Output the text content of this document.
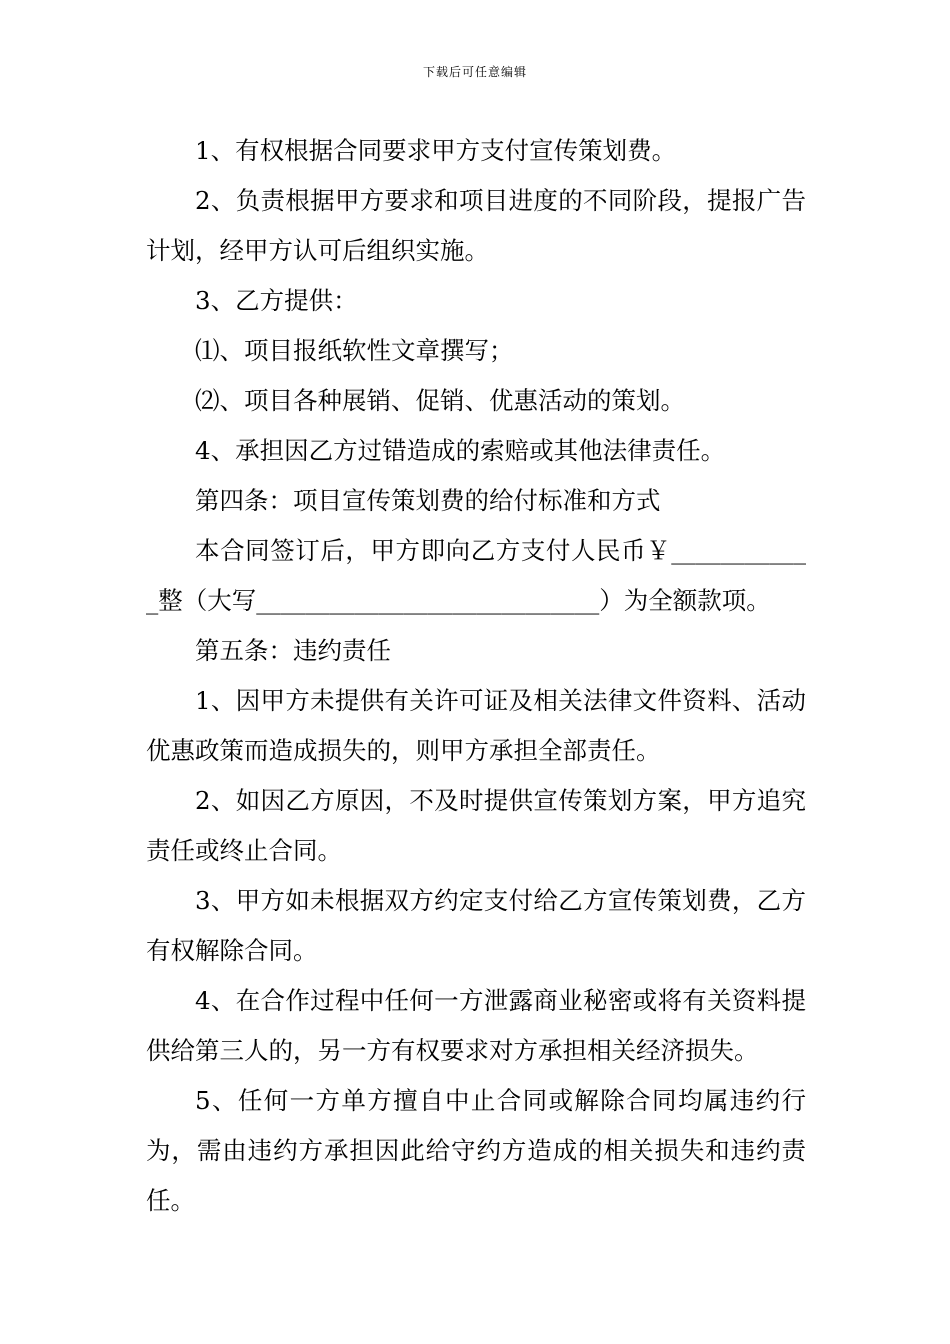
下载后可任意编辑

1、有权根据合同要求甲方支付宣传策划费。

2、负责根据甲方要求和项目进度的不同阶段，提报广告计划，经甲方认可后组织实施。

3、乙方提供：

⑴、项目报纸软性文章撰写；

⑵、项目各种展销、促销、优惠活动的策划。

4、承担因乙方过错造成的索赔或其他法律责任。

第四条：项目宣传策划费的给付标准和方式

本合同签订后，甲方即向乙方支付人民币￥____________整（大写____________________________）为全额款项。

第五条：违约责任

1、因甲方未提供有关许可证及相关法律文件资料、活动优惠政策而造成损失的，则甲方承担全部责任。

2、如因乙方原因，不及时提供宣传策划方案，甲方追究责任或终止合同。

3、甲方如未根据双方约定支付给乙方宣传策划费，乙方有权解除合同。

4、在合作过程中任何一方泄露商业秘密或将有关资料提供给第三人的，另一方有权要求对方承担相关经济损失。

5、任何一方单方擅自中止合同或解除合同均属违约行为，需由违约方承担因此给守约方造成的相关损失和违约责任。
